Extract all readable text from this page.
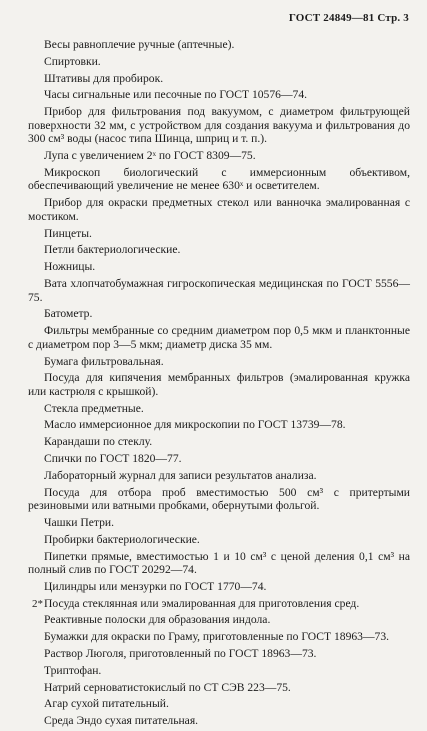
ГОСТ 24849—81 Стр. 3

Весы равноплечие ручные (аптечные).

Спиртовки.

Штативы для пробирок.

Часы сигнальные или песочные по ГОСТ 10576—74.

Прибор для фильтрования под вакуумом, с диаметром фильтрующей поверхности 32 мм, с устройством для создания вакуума и фильтрования до 300 см³ воды (насос типа Шинца, шприц и т. п.).

Лупа с увеличением 2ˣ по ГОСТ 8309—75.

Микроскоп биологический с иммерсионным объективом, обеспечивающий увеличение не менее 630ˣ и осветителем.

Прибор для окраски предметных стекол или ванночка эмалированная с мостиком.

Пинцеты.

Петли бактериологические.

Ножницы.

Вата хлопчатобумажная гигроскопическая медицинская по ГОСТ 5556—75.

Батометр.

Фильтры мембранные со средним диаметром пор 0,5 мкм и планктонные с диаметром пор 3—5 мкм; диаметр диска 35 мм.

Бумага фильтровальная.

Посуда для кипячения мембранных фильтров (эмалированная кружка или кастрюля с крышкой).

Стекла предметные.

Масло иммерсионное для микроскопии по ГОСТ 13739—78.

Карандаши по стеклу.

Спички по ГОСТ 1820—77.

Лабораторный журнал для записи результатов анализа.

Посуда для отбора проб вместимостью 500 см³ с притертыми резиновыми или ватными пробками, обернутыми фольгой.

Чашки Петри.

Пробирки бактериологические.

Пипетки прямые, вместимостью 1 и 10 см³ с ценой деления 0,1 см³ на полный слив по ГОСТ 20292—74.

Цилиндры или мензурки по ГОСТ 1770—74.

Посуда стеклянная или эмалированная для приготовления сред.

Реактивные полоски для образования индола.

Бумажки для окраски по Граму, приготовленные по ГОСТ 18963—73.

Раствор Люголя, приготовленный по ГОСТ 18963—73.

Триптофан.

Натрий серноватистокислый по СТ СЭВ 223—75.

Агар сухой питательный.

Среда Эндо сухая питательная.

2*
